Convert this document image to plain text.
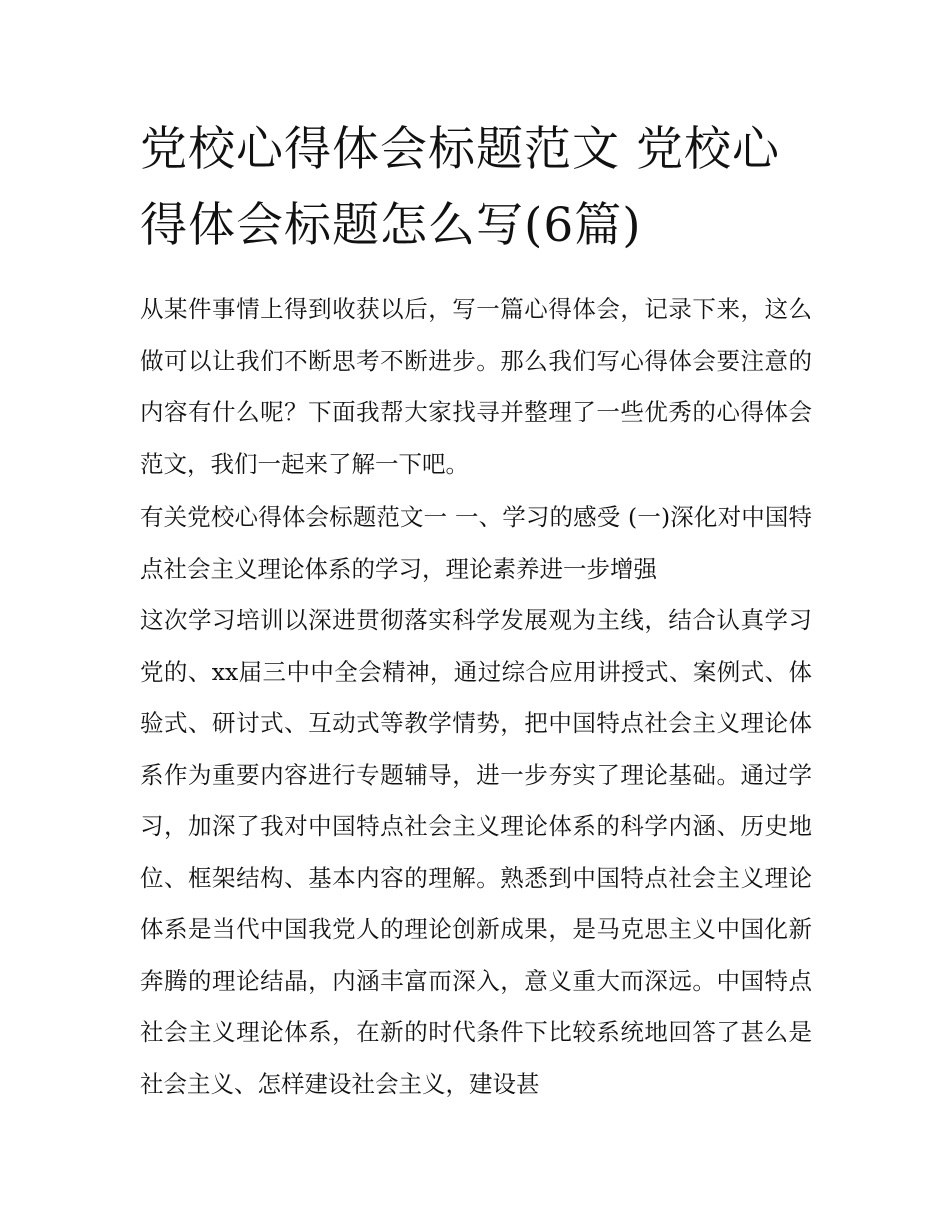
党校心得体会标题范文 党校心得体会标题怎么写(6篇)

从某件事情上得到收获以后，写一篇心得体会，记录下来，这么做可以让我们不断思考不断进步。那么我们写心得体会要注意的内容有什么呢？下面我帮大家找寻并整理了一些优秀的心得体会范文，我们一起来了解一下吧。

有关党校心得体会标题范文一 一、学习的感受 (一)深化对中国特点社会主义理论体系的学习，理论素养进一步增强

这次学习培训以深进贯彻落实科学发展观为主线，结合认真学习党的、xx届三中中全会精神，通过综合应用讲授式、案例式、体验式、研讨式、互动式等教学情势，把中国特点社会主义理论体系作为重要内容进行专题辅导，进一步夯实了理论基础。通过学习，加深了我对中国特点社会主义理论体系的科学内涵、历史地位、框架结构、基本内容的理解。熟悉到中国特点社会主义理论体系是当代中国我党人的理论创新成果，是马克思主义中国化新奔腾的理论结晶，内涵丰富而深入，意义重大而深远。中国特点社会主义理论体系，在新的时代条件下比较系统地回答了甚么是社会主义、怎样建设社会主义，建设甚
